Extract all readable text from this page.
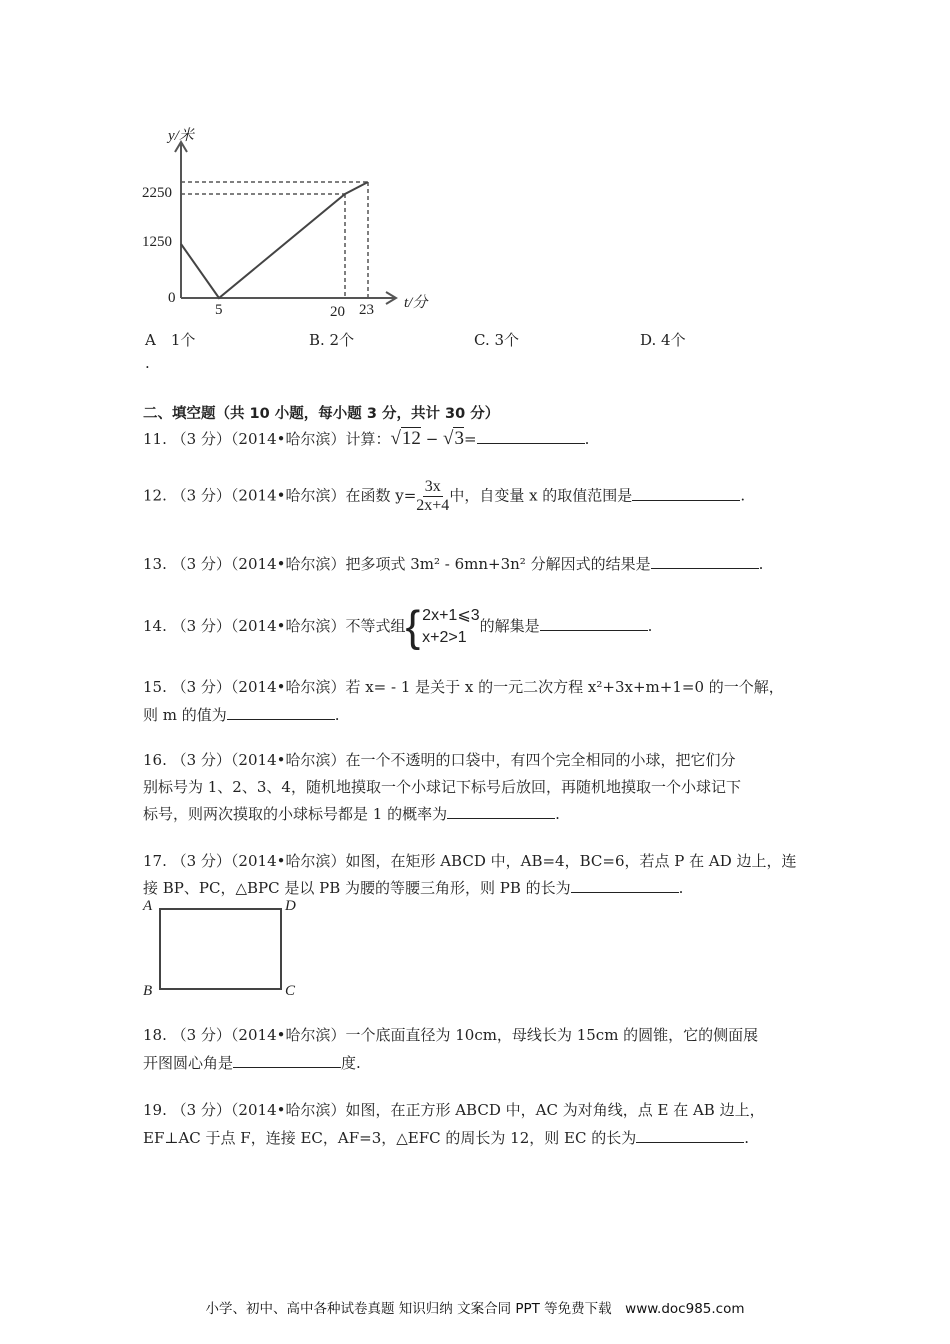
y/米
2250
1250
0
5	20 23 t/分
A　1个	B. 2个	C. 3个	D. 4个
.
二、填空题（共 10 小题，每小题 3 分，共计 30 分）
11. （3 分）（2014•哈尔滨）计算：√12 − √3=	.
12. （3 分）（2014•哈尔滨）在函数 $y= \frac{3x}{2x+4}$ 中，自变量 x 的取值范围是	.
13. （3 分）（2014•哈尔滨）把多项式 3m² - 6mn+3n² 分解因式的结果是	.
14. （3 分）（2014•哈尔滨）不等式组 { 2x+1⩽3
x+2>1
的解集是	.
15. （3 分）（2014•哈尔滨）若 x= - 1 是关于 x 的一元二次方程 x²+3x+m+1=0 的一个解，
则 m 的值为	.
16. （3 分）（2014•哈尔滨）在一个不透明的口袋中，有四个完全相同的小球，把它们分
别标号为 1、2、3、4，随机地摸取一个小球记下标号后放回，再随机地摸取一个小球记下
标号，则两次摸取的小球标号都是 1 的概率为	.
17. （3 分）（2014•哈尔滨）如图，在矩形 ABCD 中，AB=4，BC=6，若点 P 在 AD 边上，连
接 BP、PC，△BPC 是以 PB 为腰的等腰三角形，则 PB 的长为	.
A	D
B	C
18. （3 分）（2014•哈尔滨）一个底面直径为 10cm，母线长为 15cm 的圆锥，它的侧面展
开图圆心角是	度.
19. （3 分）（2014•哈尔滨）如图，在正方形 ABCD 中，AC 为对角线，点 E 在 AB 边上，
EF⊥AC 于点 F，连接 EC，AF=3，△EFC 的周长为 12，则 EC 的长为	.
小学、初中、高中各种试卷真题 知识归纳 文案合同 PPT 等免费下载　www.doc985.com
